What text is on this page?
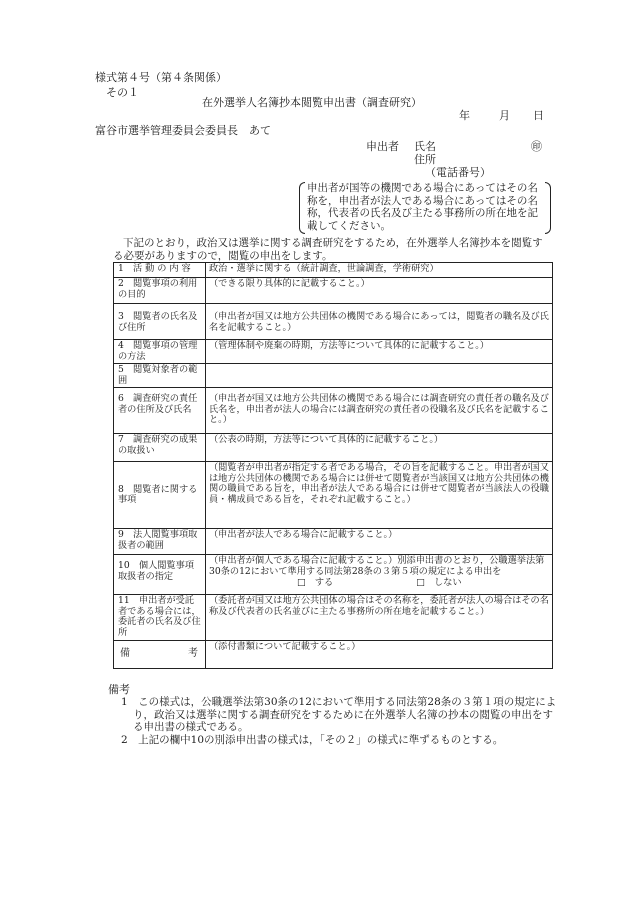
様式第４号（第４条関係）
その１
在外選挙人名簿抄本閲覧申出書（調査研究）
年	月 日
富谷市選挙管理委員会委員長　あて
申出者 氏名	㊞
住所
（電話番号）
申出者が国等の機関である場合にあってはその名称を，申出者が法人である場合にあってはその名称，代表者の氏名及び主たる事務所の所在地を記載してください。
下記のとおり，政治又は選挙に関する調査研究をするため，在外選挙人名簿抄本を閲覧する必要がありますので，閲覧の申出をします。
1　活 動 の 内 容	政治・選挙に関する（統計調査，世論調査，学術研究）
2　閲覧事項の利用の目的	（できる限り具体的に記載すること。）
3　閲覧者の氏名及び住所	（申出者が国又は地方公共団体の機関である場合にあっては，閲覧者の職名及び氏名を記載すること。）
4　閲覧事項の管理の方法	（管理体制や廃棄の時期，方法等について具体的に記載すること。）
5　閲覧対象者の範囲	
6　調査研究の責任者の住所及び氏名	（申出者が国又は地方公共団体の機関である場合には調査研究の責任者の職名及び氏名を，申出者が法人の場合には調査研究の責任者の役職名及び氏名を記載すること。）
7　調査研究の成果の取扱い	（公表の時期，方法等について具体的に記載すること。）
8　閲覧者に関する事項	（閲覧者が申出者が指定する者である場合，その旨を記載すること。申出者が国又は地方公共団体の機関である場合には併せて閲覧者が当該国又は地方公共団体の機関の職員である旨を，申出者が法人である場合には併せて閲覧者が当該法人の役職員・構成員である旨を，それぞれ記載すること。）
9　法人閲覧事項取扱者の範囲	（申出者が法人である場合に記載すること。）
10　個人閲覧事項取扱者の指定	（申出者が個人である場合に記載すること。）別添申出書のとおり，公職選挙法第30条の12において準用する同法第28条の３第５項の規定による申出を
□　する □　しない

11　申出者が受託者である場合には，委託者の氏名及び住所	（委託者が国又は地方公共団体の場合はその名称を，委託者が法人の場合はその名称及び代表者の氏名並びに主たる事務所の所在地を記載すること。）

備 考	（添付書類について記載すること。）
備考
1　この様式は，公職選挙法第30条の12において準用する同法第28条の３第１項の規定により，政治又は選挙に関する調査研究をするために在外選挙人名簿の抄本の閲覧の申出をする申出書の様式である。
2　上記の欄中10の別添申出書の様式は，「その２」の様式に準ずるものとする。
